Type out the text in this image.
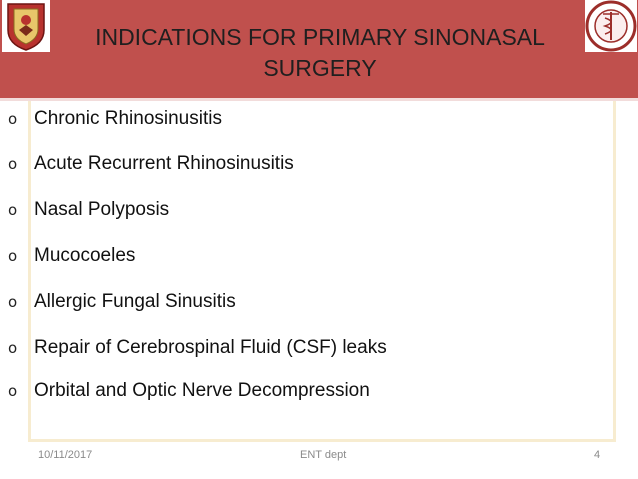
INDICATIONS FOR PRIMARY SINONASAL SURGERY
o Chronic Rhinosinusitis
o Acute Recurrent Rhinosinusitis
o Nasal Polyposis
o Mucocoeles
o Allergic Fungal Sinusitis
o Repair of Cerebrospinal Fluid (CSF) leaks
o Orbital and Optic Nerve Decompression
10/11/2017	ENT dept	4
